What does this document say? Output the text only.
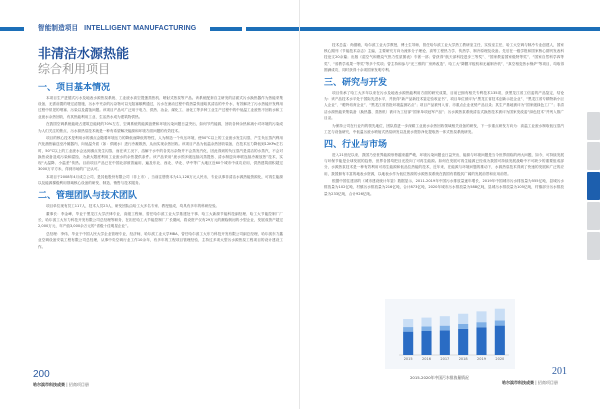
智能制造项目 INTELLIGENT MANUFACTURING
非清洁水源热能
综合利用项目
一、项目基本情况

本项目生产进德式污水及地表水源热泵系统、工业废水高空提蛋蒸热机、喷射式热泵等产品。该系统配套自主研发的洁面式污水换热器作为热能采集设备，无需前置的堵过滤措施，污水中夹杂的污杂物可以无阻塞顺利通过，污水在流动过程中将热量传递给其清洁的中介水，有效解决了污水热能开发利用过程中常见的堵塞、污染以及腐蚀问题。该项目产品可广泛用于电力、供热、冶金、煤化工、油化工等多种工业生产过程中的中低温工业废热不回收水和工业废水余热回收，有其热能利用工业、生活热水成为建筑物供热。

在我国空调系统能耗占建筑总能耗的70%左右，空调系统的能源浪费和环境污染问题日益突出，如何节约能源，回收各种余热和减小对环境的污染成为人们关注的焦点，污水源热泵技术就是一种有希望解决能源和环境方面问题的有效技术。

项目的核心技术是利用水的沸点会随着环境压力的降低而降低的特性，人为制造一个负压环境，使50°C以上的工业废水发生闪蒸，产生负压蒸汽利用汽化潜热输送至冷凝器内，向低温介质（如：供暖水）进行冷凝散热，从而实现余热回收。该项目产品为低温余热回收装备，在技术压力降低到12KPa左右时，50°C以上的工业废水会达到沸点发生闪蒸，而在该工况下，溶解于水中的各类污杂物并不会蒸发汽化，因此得到的负压蒸汽是清洁的水蒸汽，不会对换热设备造成污染和腐蚀，为最大限度利用工业废水的余热提供条件。该产品采用“废水预多级连续闪蒸提热、清水制逆向串联连续冷凝放热”技术，实现“大温降、小温差”传热。目前项目产品已在中国北部被普遍用，遍及东北、西北、华北、华中等广大地区近60个城市中成功应用，供热建筑面积超过3000万平方米，得到市场的广泛认可。

本项目于2008年4月成立公司，是其他股份有限公司（非上市），当前注册资本为11,128万元人民币，专业从事非清洁水源热能资源化，可再生能源以及能源梯级利用领域核心设备的研发、制造、销售与技术服务。

二、管理团队与技术团队

项目单位现有员工117人，技术人员23人，研发团队由哈工大多名专家、教授组成，均具有多年的科研经验。

董事长：李金峰，毕业于黑龙江大学法律专业，高级工程师，曾任哈尔滨工业大学基建处干事、哈工大新源节能科技副经理、哈工大节能控制厂厂长，哈尔滨工大东力科技开发有限公司总经理等职务，在担任哈工大节能控制厂厂长期间，将设资产仅有29万元的濒临倒闭的小型企业，发展成资产超过2,000万元、年产值3,000余万元的“省级十佳明星企业”。

总经理：李伟，毕业于中国人民大学企业管理专业，经济师，哈尔滨工业大学MBA，曾任哈尔滨工大东力科技开发有限公司副总经理，哈尔滨东力鑫业空调设备安装工程有限公司总经理，从事中央空调行业工作10余年，有多年的工程项目管理经验，主持过多项大型污水源热泵工程项目的设计建设工作。

200
哈尔滨市科技成果 | 招商项目册

技术总监：尚德敏，哈尔滨工业大学教授，博士生导师，曾任哈尔滨工业大学热工教研室主任，实验室主任，哈工大空调与制冷专业创建人，国家核心期刊《节能技术杂志》主编，主要研究方向为流体分子理论、高等工程热力学、传热学、制冷原理及设备。先后在一级学报和国家核心期刊发表科技论文20余篇；出版《湿空气和燃烧气热力性质图表》专著一部；曾获得“航天部科技进步三等奖”、“国家教委国家级特等奖”、“国家自然科学四等奖”、“省教学成果一等奖”等多个奖项；曾主持和参与“光三维的厂房跨改造”、哈工大“降膜平板机和无氟制冷机”、“真空相变热水锅炉”等项目，均取得圆满成功，同时获得十余项国家发明专利。

三、研究与开发

项目传承了哈工大多年以来在污水及地表水源热能利用方面的研究成果，目前已拥有相关专利技术135项，获黑龙江省工信委的产品鉴定，结论为：该产品技术水平处于国际先进水平，并获得“新产品新技术鉴定验收证书”，项目单位被评为“黑龙江省技术创新示范企业”、“黑龙江省专精特新小巨人企业”、“瞪羚培育企业”、“黑龙江省首批环境监测站点”；项目产品被列入省、市重点企业优势产品目录；其生产基地被评为“国家级绿色工厂”；非清洁水源热能采集装备（换热器、蒸热机）被评为工信部“国家单项冠军产品”；污水源热泵系统清洁式换热技术被评为国家发改委“绿色技术”并列入推广目录。

为保持公司在行业内的领先地位，团队将进一步深耕工业废水余热回收领域相关设备的研发，下一步重点研发方向为：高温工业废水制取低压蒸汽工艺与设备研究，中低温污废水喷射式热泵研发以及废水资影净化提取热一体式热泵系统研发。

四、行业与市场

进入21世纪以来，我国乃至世界能源形势越来越严峻，环境污染问题也日益突出，能源与环境问题是当今世界面临的两大问题，如今，可持续发展与环保节能是全球发展的趋势，世界各国均把目光投向了可再生能源。如何在发展可再生能源已经成为我国可持续发展战略中不可缺少的重要组成部分，水源热泵技术是一种有效利用可再生能源和低品位热能的技术，近年来，在能源与环境问题的推动下，水源热泵技术得到了快速的发展和广泛的应用，我国拥有丰富的地表水资源，以地表水作为低位热源的水源热泵系统在我国有着极其广阔的发展前景和应用前景。

根据中国住建部的《城市建设统计年鉴》数据显示，2011-2019年中国污水排放量逐年增长，2019年中国城市污水排放量为555亿吨，县城污水排放量为102亿吨，村镇污水排放量为216亿吨，合计873亿吨，2020年城市污水排放量为588亿吨，县城污水排放量为105亿吨，村镇部分污水排放量为233亿吨，合计926亿吨。

201
哈尔滨市科技成果 | 招商项目册
2015	2016	2017	2018	2019	2020
2015-2020年中国污水排放量情况
